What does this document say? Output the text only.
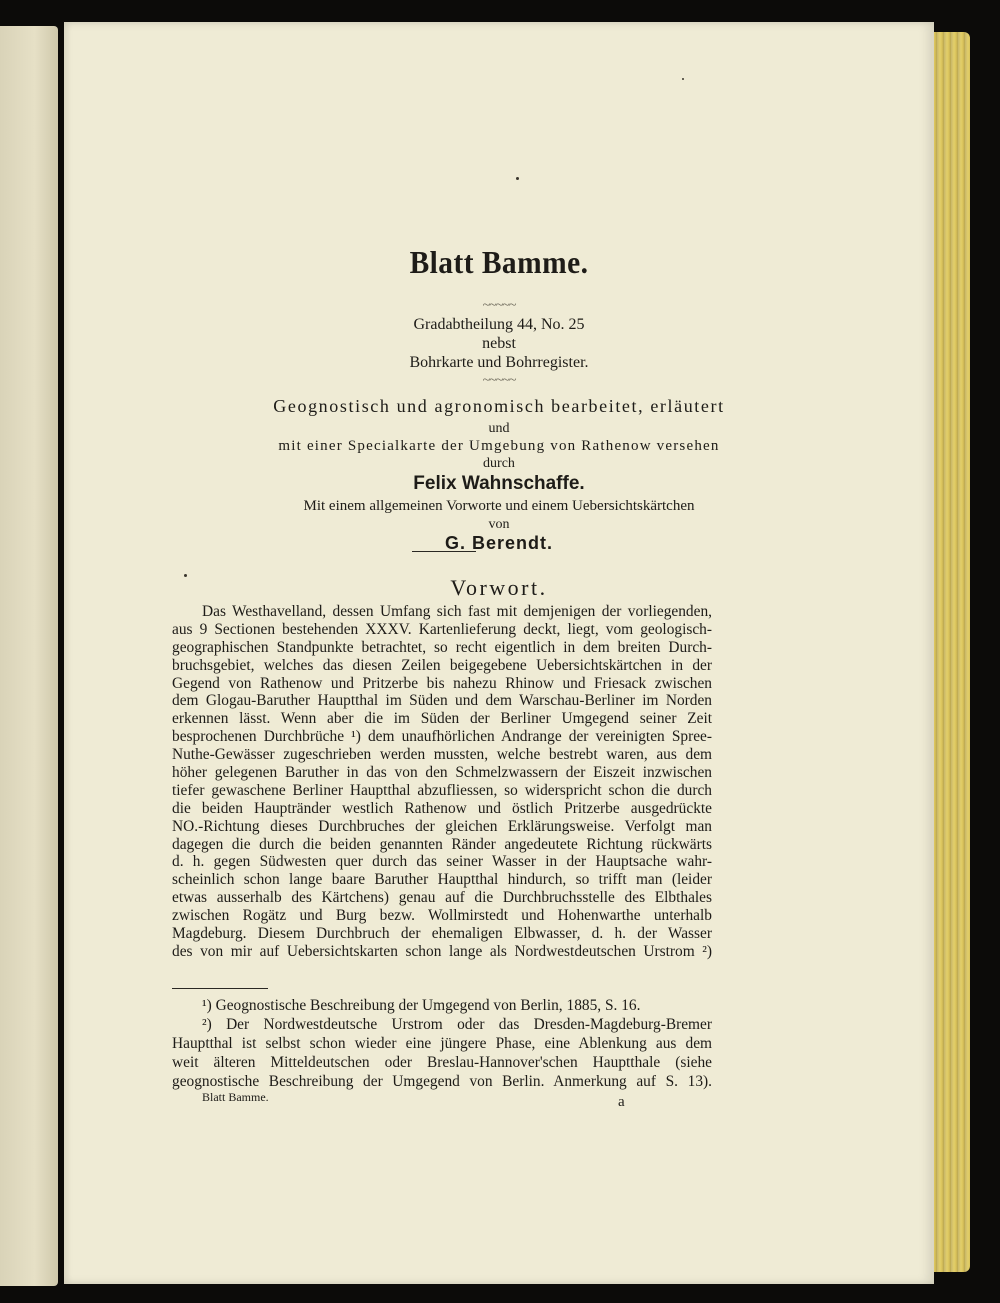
Blatt Bamme.
~~~~~
Gradabtheilung 44, No. 25
nebst
Bohrkarte und Bohrregister.
~~~~~
Geognostisch und agronomisch bearbeitet, erläutert
und
mit einer Specialkarte der Umgebung von Rathenow versehen
durch
Felix Wahnschaffe.
Mit einem allgemeinen Vorworte und einem Uebersichtskärtchen
von
G. Berendt.
Vorwort.
Das Westhavelland, dessen Umfang sich fast mit demjenigen der vorliegenden,
aus 9 Sectionen bestehenden XXXV. Kartenlieferung deckt, liegt, vom geologisch-
geographischen Standpunkte betrachtet, so recht eigentlich in dem breiten Durch-
bruchsgebiet, welches das diesen Zeilen beigegebene Uebersichtskärtchen in der
Gegend von Rathenow und Pritzerbe bis nahezu Rhinow und Friesack zwischen
dem Glogau-Baruther Hauptthal im Süden und dem Warschau-Berliner im Norden
erkennen lässt. Wenn aber die im Süden der Berliner Umgegend seiner Zeit
besprochenen Durchbrüche ¹) dem unaufhörlichen Andrange der vereinigten Spree-
Nuthe-Gewässer zugeschrieben werden mussten, welche bestrebt waren, aus dem
höher gelegenen Baruther in das von den Schmelzwassern der Eiszeit inzwischen
tiefer gewaschene Berliner Hauptthal abzufliessen, so widerspricht schon die durch
die beiden Hauptränder westlich Rathenow und östlich Pritzerbe ausgedrückte
NO.-Richtung dieses Durchbruches der gleichen Erklärungsweise. Verfolgt man
dagegen die durch die beiden genannten Ränder angedeutete Richtung rückwärts
d. h. gegen Südwesten quer durch das seiner Wasser in der Hauptsache wahr-
scheinlich schon lange baare Baruther Hauptthal hindurch, so trifft man (leider
etwas ausserhalb des Kärtchens) genau auf die Durchbruchsstelle des Elbthales
zwischen Rogätz und Burg bezw. Wollmirstedt und Hohenwarthe unterhalb
Magdeburg. Diesem Durchbruch der ehemaligen Elbwasser, d. h. der Wasser
des von mir auf Uebersichtskarten schon lange als Nordwestdeutschen Urstrom ²)
¹) Geognostische Beschreibung der Umgegend von Berlin, 1885, S. 16.
²) Der Nordwestdeutsche Urstrom oder das Dresden-Magdeburg-Bremer
Hauptthal ist selbst schon wieder eine jüngere Phase, eine Ablenkung aus dem
weit älteren Mitteldeutschen oder Breslau-Hannover'schen Hauptthale (siehe
geognostische Beschreibung der Umgegend von Berlin. Anmerkung auf S. 13).
Blatt Bamme.	a
